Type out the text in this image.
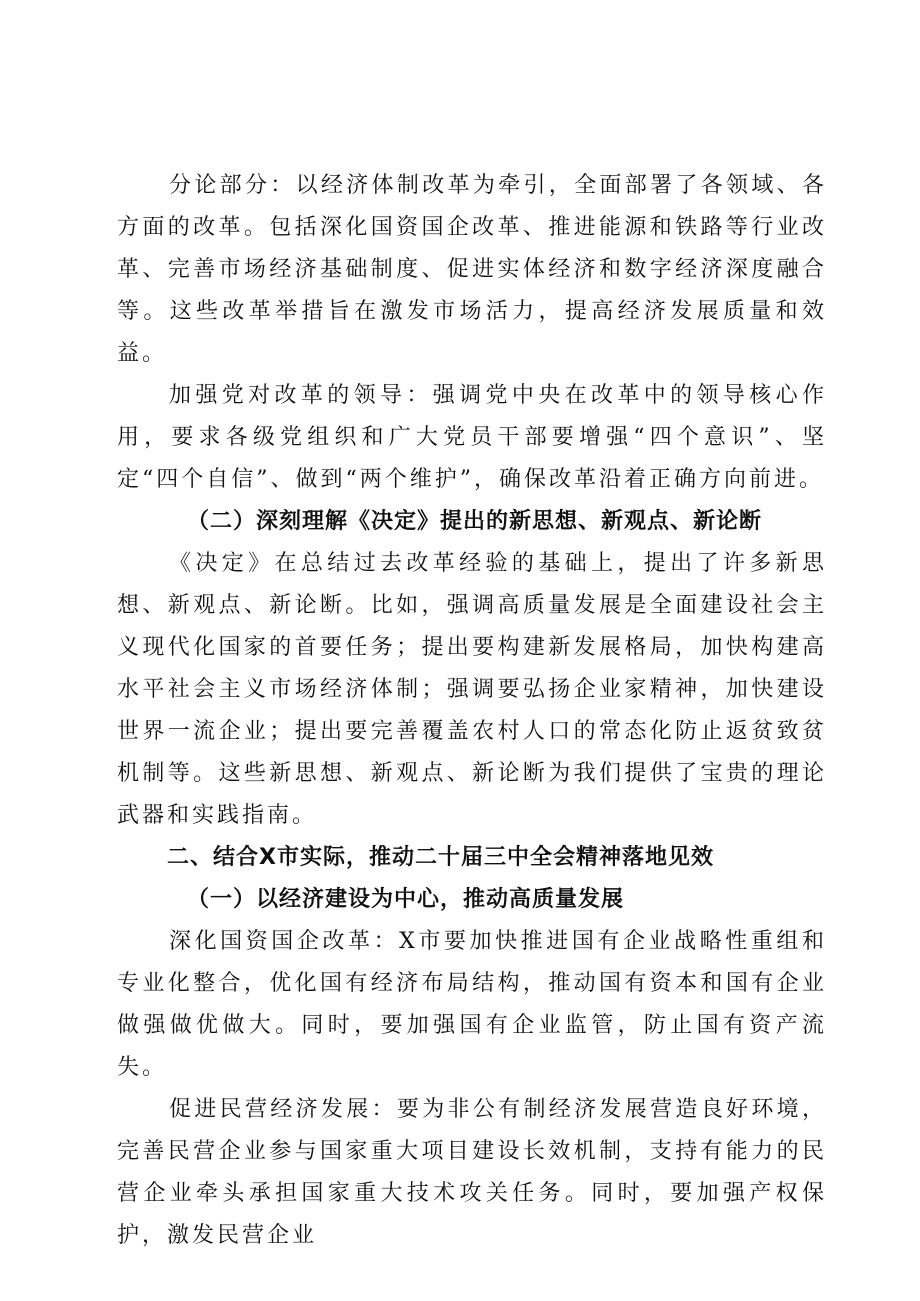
分论部分：以经济体制改革为牵引，全面部署了各领域、各方面的改革。包括深化国资国企改革、推进能源和铁路等行业改革、完善市场经济基础制度、促进实体经济和数字经济深度融合等。这些改革举措旨在激发市场活力，提高经济发展质量和效益。

加强党对改革的领导：强调党中央在改革中的领导核心作用，要求各级党组织和广大党员干部要增强“四个意识”、坚定“四个自信”、做到“两个维护”，确保改革沿着正确方向前进。

（二）深刻理解《决定》提出的新思想、新观点、新论断

《决定》在总结过去改革经验的基础上，提出了许多新思想、新观点、新论断。比如，强调高质量发展是全面建设社会主义现代化国家的首要任务；提出要构建新发展格局，加快构建高水平社会主义市场经济体制；强调要弘扬企业家精神，加快建设世界一流企业；提出要完善覆盖农村人口的常态化防止返贫致贫机制等。这些新思想、新观点、新论断为我们提供了宝贵的理论武器和实践指南。

二、结合X市实际，推动二十届三中全会精神落地见效

（一）以经济建设为中心，推动高质量发展

深化国资国企改革：X市要加快推进国有企业战略性重组和专业化整合，优化国有经济布局结构，推动国有资本和国有企业做强做优做大。同时，要加强国有企业监管，防止国有资产流失。

促进民营经济发展：要为非公有制经济发展营造良好环境，完善民营企业参与国家重大项目建设长效机制，支持有能力的民营企业牵头承担国家重大技术攻关任务。同时，要加强产权保护，激发民营企业
